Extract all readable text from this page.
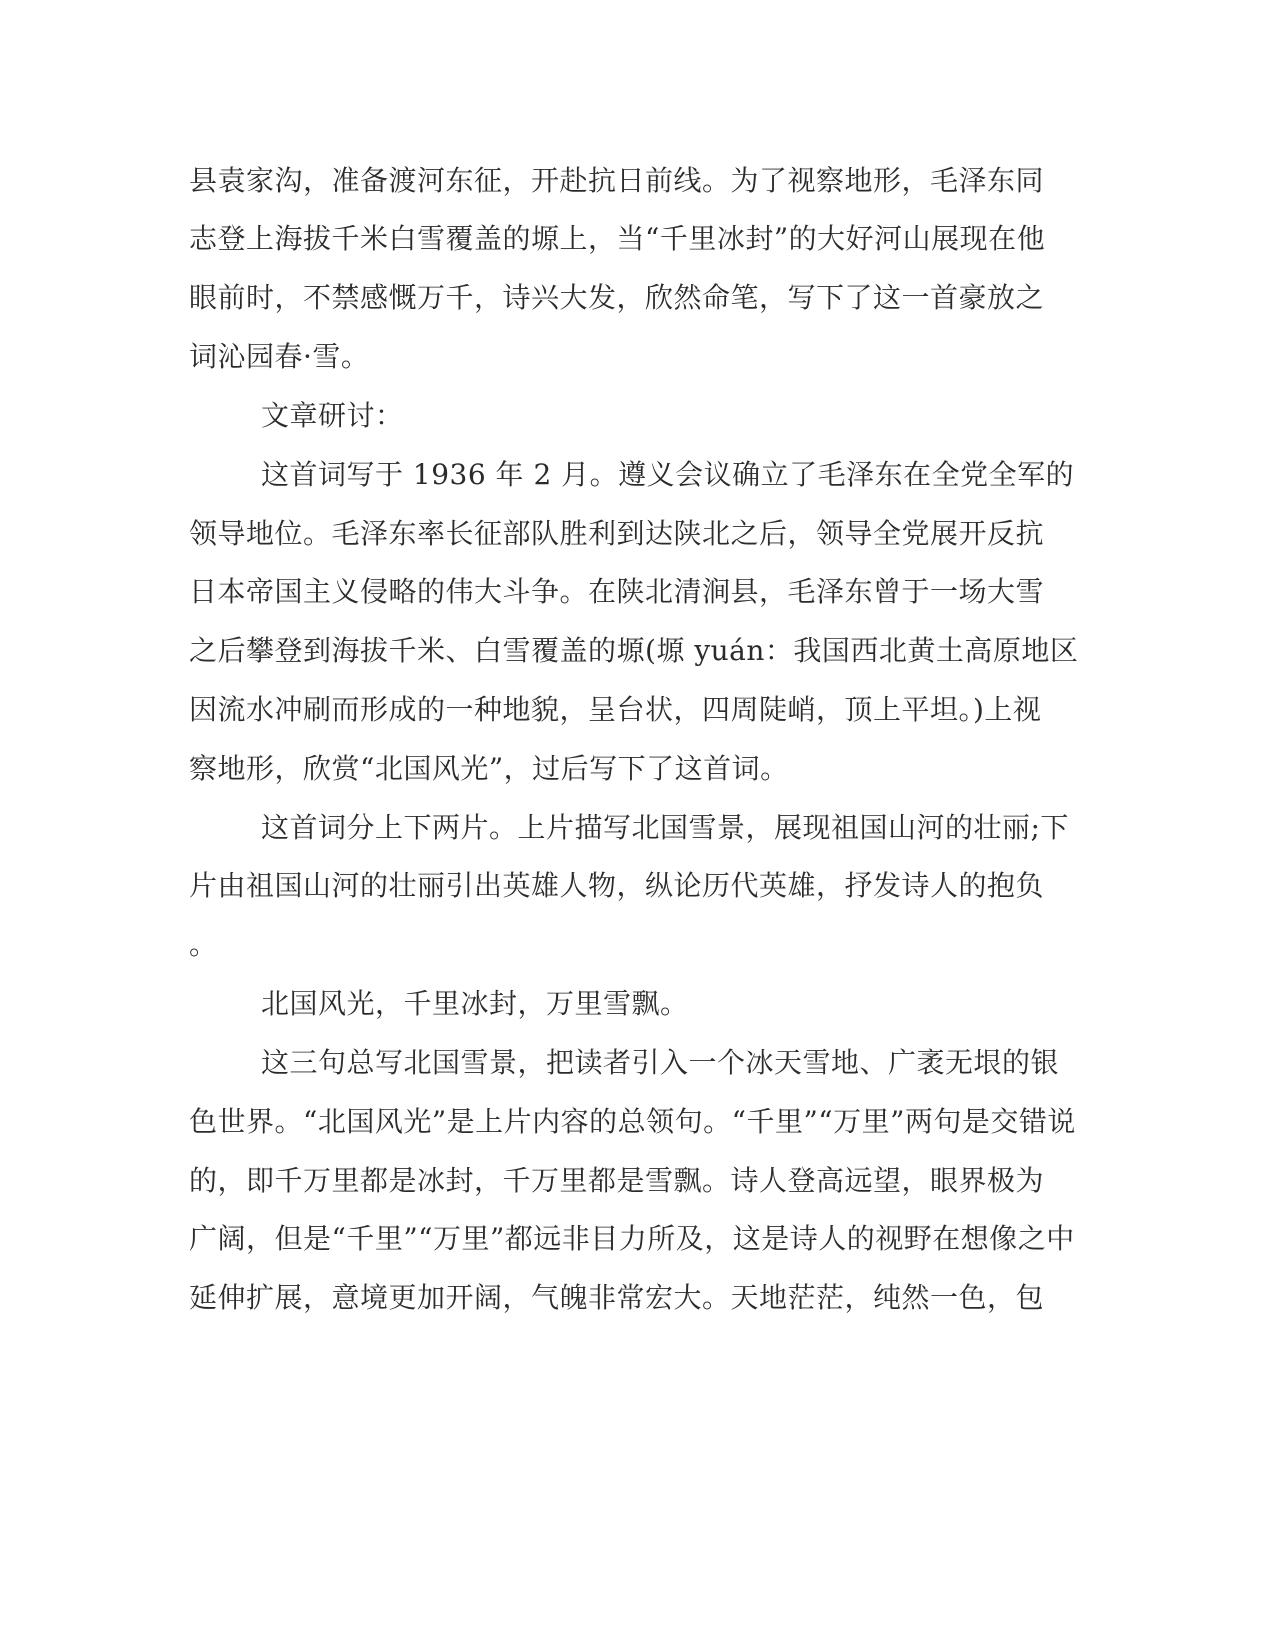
县袁家沟，准备渡河东征，开赴抗日前线。为了视察地形，毛泽东同
志登上海拔千米白雪覆盖的塬上，当“千里冰封”的大好河山展现在他
眼前时，不禁感慨万千，诗兴大发，欣然命笔，写下了这一首豪放之
词沁园春·雪。
文章研讨：
这首词写于 1936 年 2 月。遵义会议确立了毛泽东在全党全军的
领导地位。毛泽东率长征部队胜利到达陕北之后，领导全党展开反抗
日本帝国主义侵略的伟大斗争。在陕北清涧县，毛泽东曾于一场大雪
之后攀登到海拔千米、白雪覆盖的塬(塬 yuán：我国西北黄土高原地区
因流水冲刷而形成的一种地貌，呈台状，四周陡峭，顶上平坦。)上视
察地形，欣赏“北国风光”，过后写下了这首词。
这首词分上下两片。上片描写北国雪景，展现祖国山河的壮丽;下
片由祖国山河的壮丽引出英雄人物，纵论历代英雄，抒发诗人的抱负
。
北国风光，千里冰封，万里雪飘。
这三句总写北国雪景，把读者引入一个冰天雪地、广袤无垠的银
色世界。“北国风光”是上片内容的总领句。“千里”“万里”两句是交错说
的，即千万里都是冰封，千万里都是雪飘。诗人登高远望，眼界极为
广阔，但是“千里”“万里”都远非目力所及，这是诗人的视野在想像之中
延伸扩展，意境更加开阔，气魄非常宏大。天地茫茫，纯然一色，包
